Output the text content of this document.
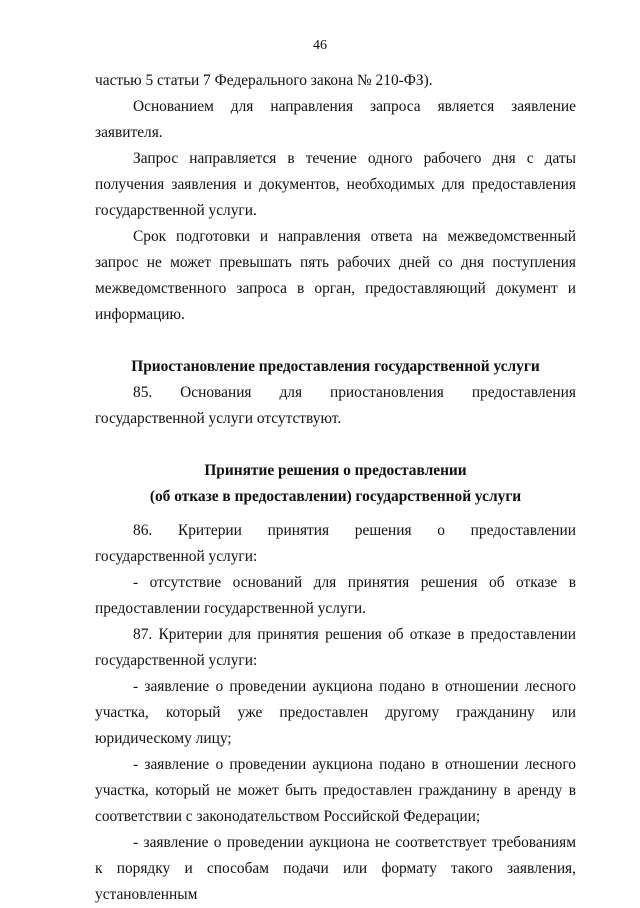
46

частью 5 статьи 7 Федерального закона № 210-ФЗ).

Основанием для направления запроса является заявление заявителя.

Запрос направляется в течение одного рабочего дня с даты получения заявления и документов, необходимых для предоставления государственной услуги.

Срок подготовки и направления ответа на межведомственный запрос не может превышать пять рабочих дней со дня поступления межведомственного запроса в орган, предоставляющий документ и информацию.

Приостановление предоставления государственной услуги

85. Основания для приостановления предоставления государственной услуги отсутствуют.

Принятие решения о предоставлении

(об отказе в предоставлении) государственной услуги

86. Критерии принятия решения о предоставлении государственной услуги:

- отсутствие оснований для принятия решения об отказе в предоставлении государственной услуги.

87. Критерии для принятия решения об отказе в предоставлении государственной услуги:

- заявление о проведении аукциона подано в отношении лесного участка, который уже предоставлен другому гражданину или юридическому лицу;

- заявление о проведении аукциона подано в отношении лесного участка, который не может быть предоставлен гражданину в аренду в соответствии с законодательством Российской Федерации;

- заявление о проведении аукциона не соответствует требованиям к порядку и способам подачи или формату такого заявления, установленным
